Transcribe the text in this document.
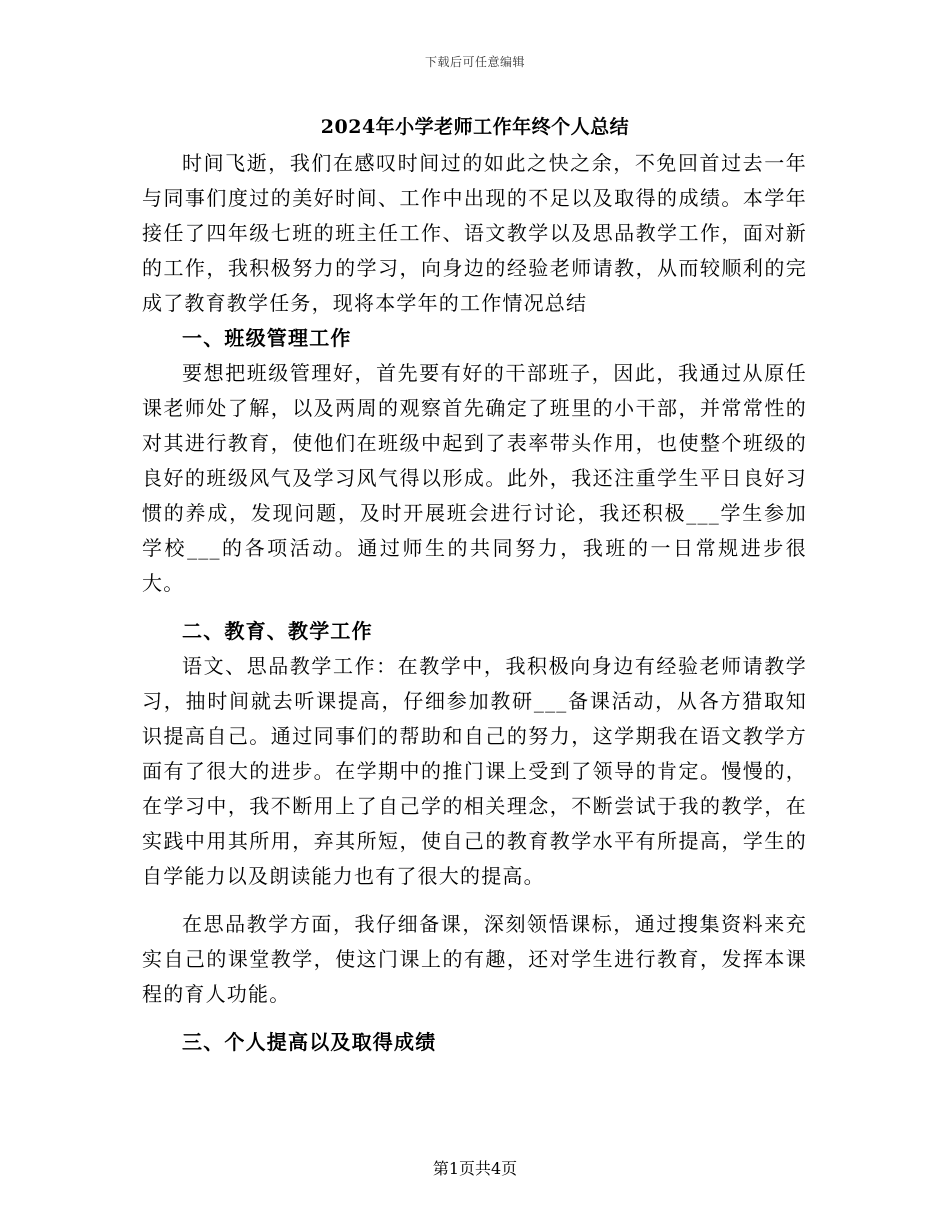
下载后可任意编辑
2024年小学老师工作年终个人总结

时间飞逝，我们在感叹时间过的如此之快之余，不免回首过去一年与同事们度过的美好时间、工作中出现的不足以及取得的成绩。本学年接任了四年级七班的班主任工作、语文教学以及思品教学工作，面对新的工作，我积极努力的学习，向身边的经验老师请教，从而较顺利的完成了教育教学任务，现将本学年的工作情况总结

一、班级管理工作

要想把班级管理好，首先要有好的干部班子，因此，我通过从原任课老师处了解，以及两周的观察首先确定了班里的小干部，并常常性的对其进行教育，使他们在班级中起到了表率带头作用，也使整个班级的良好的班级风气及学习风气得以形成。此外，我还注重学生平日良好习惯的养成，发现问题，及时开展班会进行讨论，我还积极___学生参加学校___的各项活动。通过师生的共同努力，我班的一日常规进步很大。

二、教育、教学工作

语文、思品教学工作：在教学中，我积极向身边有经验老师请教学习，抽时间就去听课提高，仔细参加教研___备课活动，从各方猎取知识提高自己。通过同事们的帮助和自己的努力，这学期我在语文教学方面有了很大的进步。在学期中的推门课上受到了领导的肯定。慢慢的，在学习中，我不断用上了自己学的相关理念，不断尝试于我的教学，在实践中用其所用，弃其所短，使自己的教育教学水平有所提高，学生的自学能力以及朗读能力也有了很大的提高。

在思品教学方面，我仔细备课，深刻领悟课标，通过搜集资料来充实自己的课堂教学，使这门课上的有趣，还对学生进行教育，发挥本课程的育人功能。

三、个人提高以及取得成绩
第1页共4页
